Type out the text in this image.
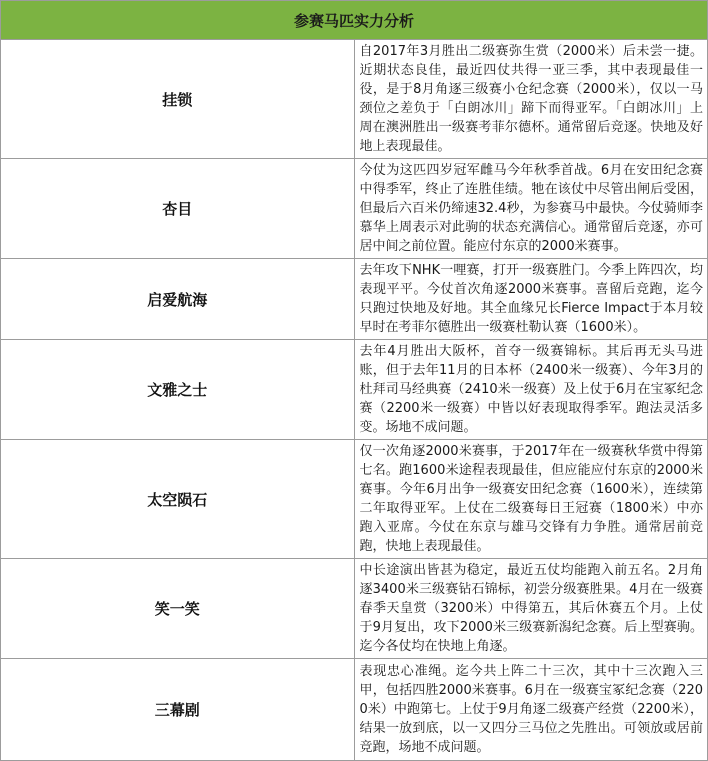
参赛马匹实力分析	
挂锁	自2017年3月胜出二级赛弥生赏（2000米）后未尝一捷。近期状态良佳，最近四仗共得一亚三季，其中表现最佳一役，是于8月角逐三级赛小仓纪念赛（2000米），仅以一马颈位之差负于「白朗冰川」蹄下而得亚军。「白朗冰川」上周在澳洲胜出一级赛考菲尔德杯。通常留后竞逐。快地及好地上表现最佳。
杏目	今仗为这匹四岁冠军雌马今年秋季首战。6月在安田纪念赛中得季军，终止了连胜佳绩。牠在该仗中尽管出闸后受困，但最后六百米仍缔速32.4秒，为参赛马中最快。今仗骑师李慕华上周表示对此驹的状态充满信心。通常留后竞逐，亦可居中间之前位置。能应付东京的2000米赛事。
启爱航海	去年攻下NHK一哩赛，打开一级赛胜门。今季上阵四次，均表现平平。今仗首次角逐2000米赛事。喜留后竞跑，迄今只跑过快地及好地。其全血缘兄长Fierce Impact于本月较早时在考菲尔德胜出一级赛杜勒认赛（1600米）。
文雅之士	去年4月胜出大阪杯，首夺一级赛锦标。其后再无头马进账，但于去年11月的日本杯（2400米一级赛）、今年3月的杜拜司马经典赛（2410米一级赛）及上仗于6月在宝冢纪念赛（2200米一级赛）中皆以好表现取得季军。跑法灵活多变。场地不成问题。
太空陨石	仅一次角逐2000米赛事，于2017年在一级赛秋华赏中得第七名。跑1600米途程表现最佳，但应能应付东京的2000米赛事。今年6月出争一级赛安田纪念赛（1600米），连续第二年取得亚军。上仗在二级赛每日王冠赛（1800米）中亦跑入亚席。今仗在东京与雄马交锋有力争胜。通常居前竞跑，快地上表现最佳。
笑一笑	中长途演出皆甚为稳定，最近五仗均能跑入前五名。2月角逐3400米三级赛钻石锦标，初尝分级赛胜果。4月在一级赛春季天皇赏（3200米）中得第五，其后休赛五个月。上仗于9月复出，攻下2000米三级赛新潟纪念赛。后上型赛驹。迄今各仗均在快地上角逐。
三幕剧	表现忠心准绳。迄今共上阵二十三次，其中十三次跑入三甲，包括四胜2000米赛事。6月在一级赛宝冢纪念赛（2200米）中跑第七。上仗于9月角逐二级赛产经赏（2200米），结果一放到底，以一又四分三马位之先胜出。可领放或居前竞跑，场地不成问题。
